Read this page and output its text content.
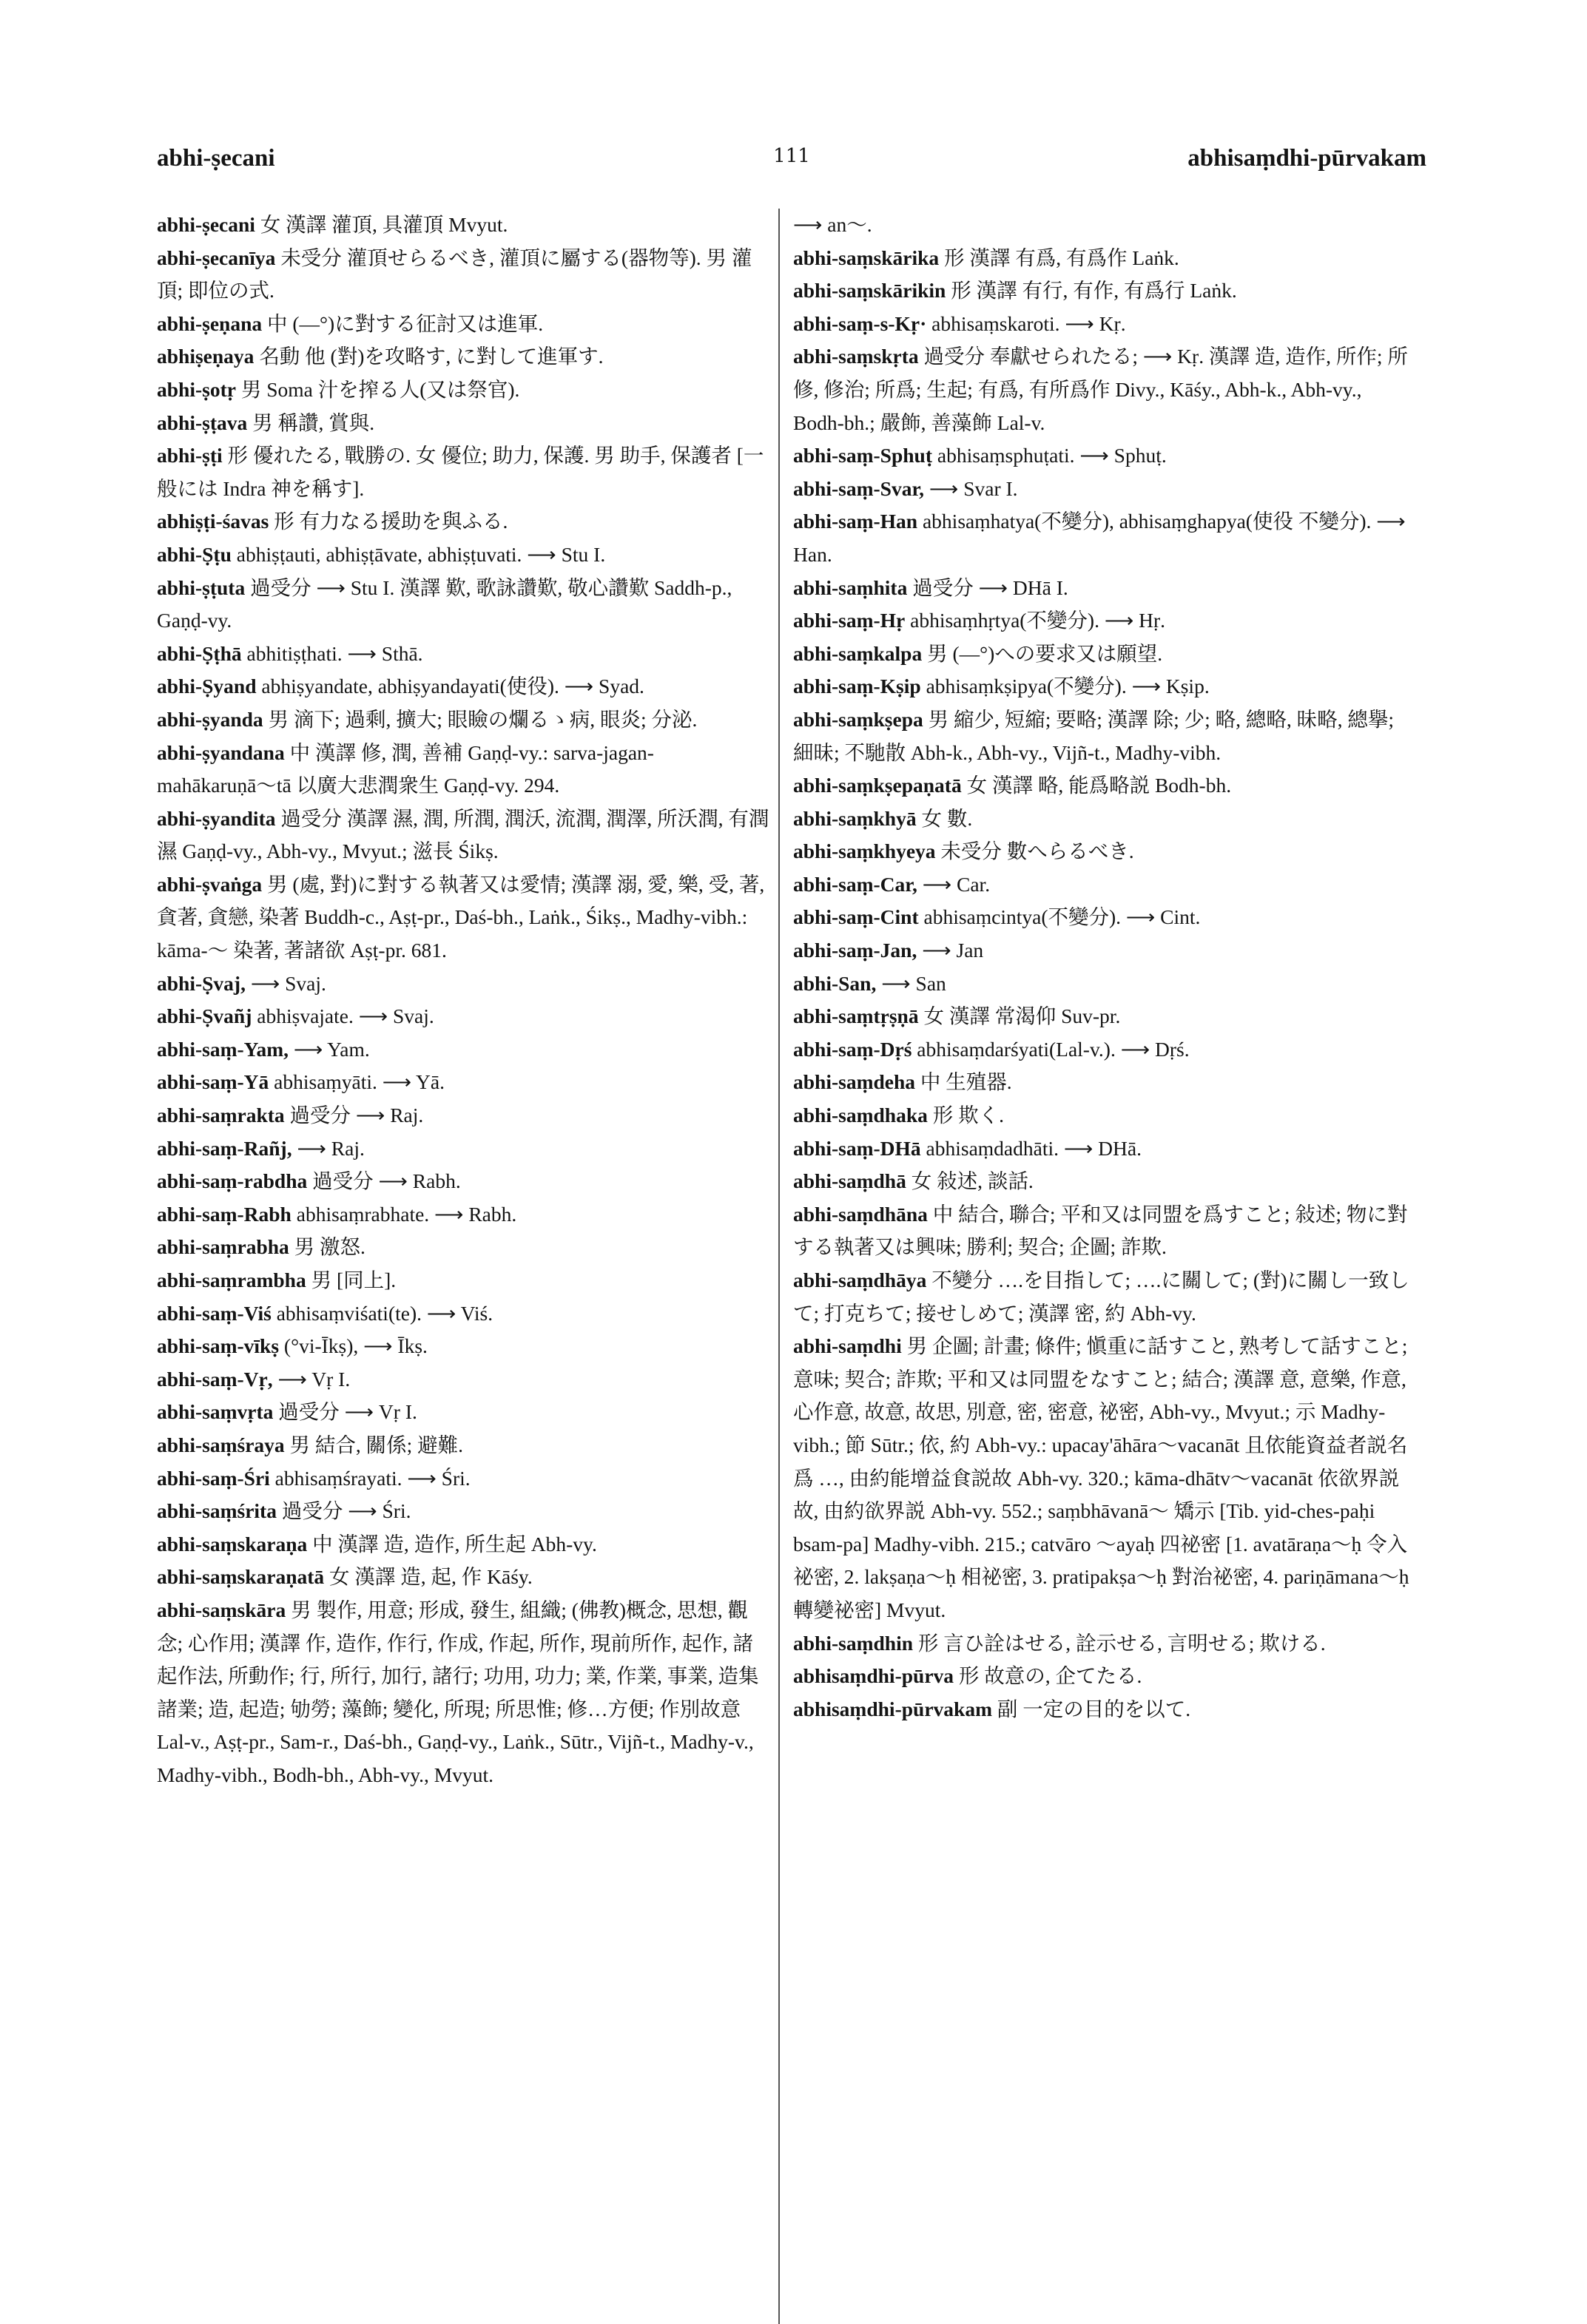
abhi-ṣecani	111	abhisaṃdhi-pūrvakam

abhi-ṣecani 女 漢譯 灌頂, 具灌頂 Mvyut.

abhi-ṣecanīya 未受分 灌頂せらるべき, 灌頂に屬する(器物等). 男 灌頂; 即位の式.

abhi-ṣeṇana 中 (—°)に對する征討又は進軍.

abhiṣeṇaya 名動 他 (對)を攻略す, に對して進軍す.

abhi-ṣotṛ 男 Soma 汁を搾る人(又は祭官).

abhi-ṣṭava 男 稱讚, 賞與.

abhi-ṣṭi 形 優れたる, 戰勝の. 女 優位; 助力, 保護. 男 助手, 保護者 [一般には Indra 神を稱す].

abhiṣṭi-śavas 形 有力なる援助を與ふる.

abhi-Ṣṭu abhiṣṭauti, abhiṣṭāvate, abhiṣṭuvati. ⟶ Stu I.

abhi-ṣṭuta 過受分 ⟶ Stu I. 漢譯 歎, 歌詠讚歎, 敬心讚歎 Saddh-p., Gaṇḍ-vy.

abhi-Ṣṭhā abhitiṣṭhati. ⟶ Sthā.

abhi-Ṣyand abhiṣyandate, abhiṣyandayati(使役). ⟶ Syad.

abhi-ṣyanda 男 滴下; 過剩, 擴大; 眼瞼の爛るゝ病, 眼炎; 分泌.

abhi-ṣyandana 中 漢譯 修, 潤, 善補 Gaṇḍ-vy.: sarva-jagan-mahākaruṇā〜tā 以廣大悲潤衆生 Gaṇḍ-vy. 294.

abhi-ṣyandita 過受分 漢譯 濕, 潤, 所潤, 潤沃, 流潤, 潤澤, 所沃潤, 有潤濕 Gaṇḍ-vy., Abh-vy., Mvyut.; 滋長 Śikṣ.

abhi-ṣvaṅga 男 (處, 對)に對する執著又は愛情; 漢譯 溺, 愛, 樂, 受, 著, 貪著, 貪戀, 染著 Buddh-c., Aṣṭ-pr., Daś-bh., Laṅk., Śikṣ., Madhy-vibh.: kāma-〜 染著, 著諸欲 Aṣṭ-pr. 681.

abhi-Ṣvaj, ⟶ Svaj.

abhi-Ṣvañj abhiṣvajate. ⟶ Svaj.

abhi-saṃ-Yam, ⟶ Yam.

abhi-saṃ-Yā abhisaṃyāti. ⟶ Yā.

abhi-saṃrakta 過受分 ⟶ Raj.

abhi-saṃ-Rañj, ⟶ Raj.

abhi-saṃ-rabdha 過受分 ⟶ Rabh.

abhi-saṃ-Rabh abhisaṃrabhate. ⟶ Rabh.

abhi-saṃrabha 男 激怒.

abhi-saṃrambha 男 [同上].

abhi-saṃ-Viś abhisaṃviśati(te). ⟶ Viś.

abhi-saṃ-vīkṣ (°vi-Īkṣ), ⟶ Īkṣ.

abhi-saṃ-Vṛ, ⟶ Vṛ I.

abhi-saṃvṛta 過受分 ⟶ Vṛ I.

abhi-saṃśraya 男 結合, 關係; 避難.

abhi-saṃ-Śri abhisaṃśrayati. ⟶ Śri.

abhi-saṃśrita 過受分 ⟶ Śri.

abhi-saṃskaraṇa 中 漢譯 造, 造作, 所生起 Abh-vy.

abhi-saṃskaraṇatā 女 漢譯 造, 起, 作 Kāśy.

abhi-saṃskāra 男 製作, 用意; 形成, 發生, 組織; (佛教)概念, 思想, 觀念; 心作用; 漢譯 作, 造作, 作行, 作成, 作起, 所作, 現前所作, 起作, 諸起作法, 所動作; 行, 所行, 加行, 諸行; 功用, 功力; 業, 作業, 事業, 造集諸業; 造, 起造; 劬勞; 藻飾; 變化, 所現; 所思惟; 修…方便; 作別故意 Lal-v., Aṣṭ-pr., Sam-r., Daś-bh., Gaṇḍ-vy., Laṅk., Sūtr., Vijñ-t., Madhy-v., Madhy-vibh., Bodh-bh., Abh-vy., Mvyut.

⟶ an〜.

abhi-saṃskārika 形 漢譯 有爲, 有爲作 Laṅk.

abhi-saṃskārikin 形 漢譯 有行, 有作, 有爲行 Laṅk.

abhi-saṃ-s-Kṛ· abhisaṃskaroti. ⟶ Kṛ.

abhi-saṃskṛta 過受分 奉獻せられたる; ⟶ Kṛ. 漢譯 造, 造作, 所作; 所修, 修治; 所爲; 生起; 有爲, 有所爲作 Divy., Kāśy., Abh-k., Abh-vy., Bodh-bh.; 嚴飾, 善藻飾 Lal-v.

abhi-saṃ-Sphuṭ abhisaṃsphuṭati. ⟶ Sphuṭ.

abhi-saṃ-Svar, ⟶ Svar I.

abhi-saṃ-Han abhisaṃhatya(不變分), abhisaṃghapya(使役 不變分). ⟶ Han.

abhi-saṃhita 過受分 ⟶ DHā I.

abhi-saṃ-Hṛ abhisaṃhṛtya(不變分). ⟶ Hṛ.

abhi-saṃkalpa 男 (—°)への要求又は願望.

abhi-saṃ-Kṣip abhisaṃkṣipya(不變分). ⟶ Kṣip.

abhi-saṃkṣepa 男 縮少, 短縮; 要略; 漢譯 除; 少; 略, 總略, 昧略, 總擧; 細昧; 不馳散 Abh-k., Abh-vy., Vijñ-t., Madhy-vibh.

abhi-saṃkṣepaṇatā 女 漢譯 略, 能爲略説 Bodh-bh.

abhi-saṃkhyā 女 數.

abhi-saṃkhyeya 未受分 數へらるべき.

abhi-saṃ-Car, ⟶ Car.

abhi-saṃ-Cint abhisaṃcintya(不變分). ⟶ Cint.

abhi-saṃ-Jan, ⟶ Jan

abhi-San, ⟶ San

abhi-saṃtṛṣṇā 女 漢譯 常渴仰 Suv-pr.

abhi-saṃ-Dṛś abhisaṃdarśyati(Lal-v.). ⟶ Dṛś.

abhi-saṃdeha 中 生殖器.

abhi-saṃdhaka 形 欺く.

abhi-saṃ-DHā abhisaṃdadhāti. ⟶ DHā.

abhi-saṃdhā 女 敍述, 談話.

abhi-saṃdhāna 中 結合, 聯合; 平和又は同盟を爲すこと; 敍述; 物に對する執著又は興味; 勝利; 契合; 企圖; 詐欺.

abhi-saṃdhāya 不變分 ….を目指して; ….に關して; (對)に關し一致して; 打克ちて; 接せしめて; 漢譯 密, 約 Abh-vy.

abhi-saṃdhi 男 企圖; 計畫; 條件; 愼重に話すこと, 熟考して話すこと; 意味; 契合; 詐欺; 平和又は同盟をなすこと; 結合; 漢譯 意, 意樂, 作意, 心作意, 故意, 故思, 別意, 密, 密意, 祕密, Abh-vy., Mvyut.; 示 Madhy-vibh.; 節 Sūtr.; 依, 約 Abh-vy.: upacay'āhāra〜vacanāt 且依能資益者説名爲 …, 由約能增益食説故 Abh-vy. 320.; kāma-dhātv〜vacanāt 依欲界説故, 由約欲界説 Abh-vy. 552.; saṃbhāvanā〜 矯示 [Tib. yid-ches-paḥi bsam-pa] Madhy-vibh. 215.; catvāro 〜ayaḥ 四祕密 [1. avatāraṇa〜ḥ 令入祕密, 2. lakṣaṇa〜ḥ 相祕密, 3. pratipakṣa〜ḥ 對治祕密, 4. pariṇāmana〜ḥ 轉變祕密] Mvyut.

abhi-saṃdhin 形 言ひ詮はせる, 詮示せる, 言明せる; 欺ける.

abhisaṃdhi-pūrva 形 故意の, 企てたる.

abhisaṃdhi-pūrvakam 副 一定の目的を以て.
